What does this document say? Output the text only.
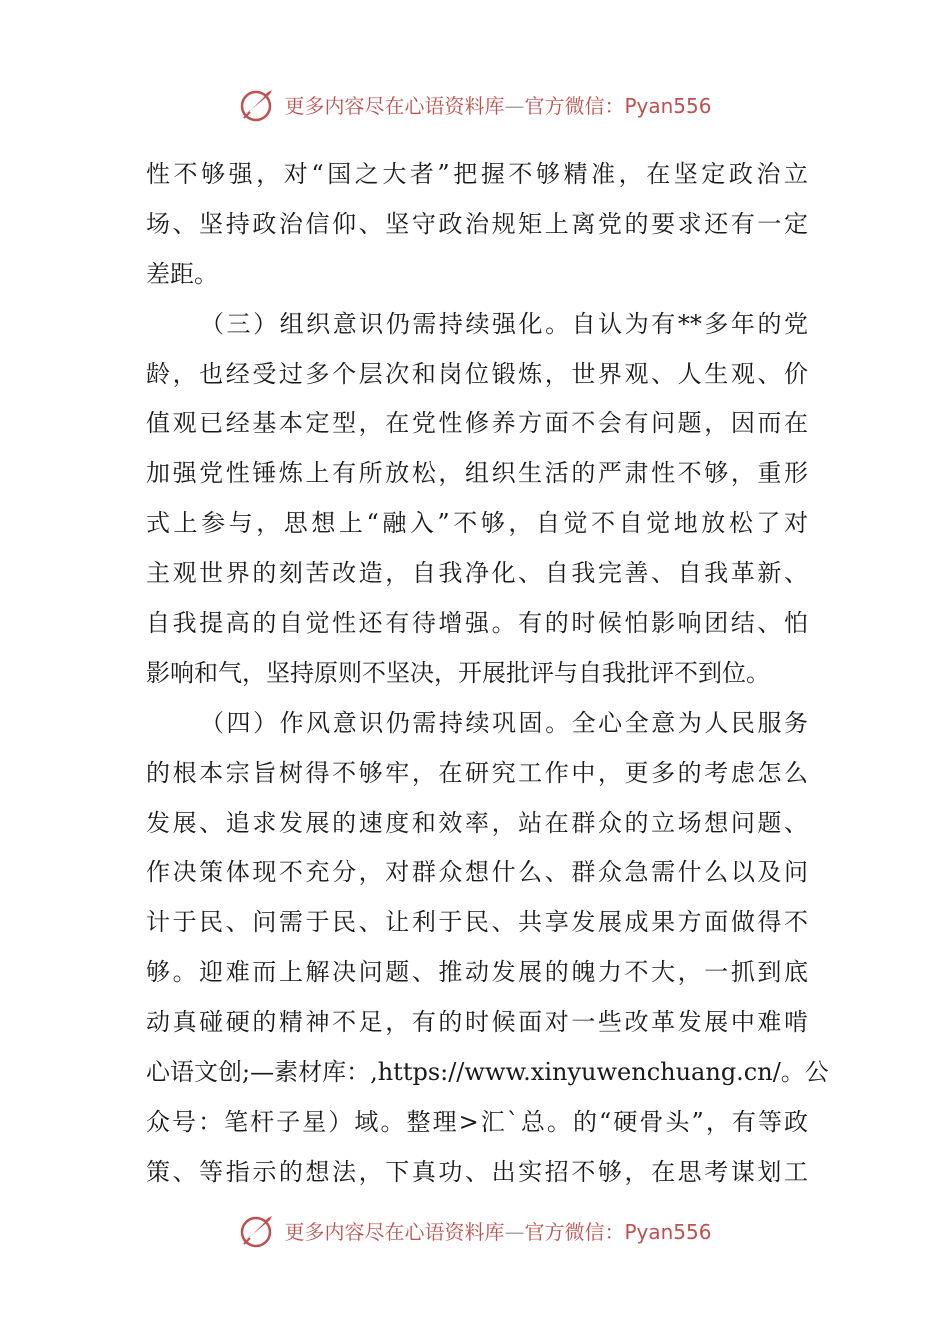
更多内容尽在心语资料库—官方微信：Pyan556
性不够强，对“国之大者”把握不够精准，在坚定政治立
场、坚持政治信仰、坚守政治规矩上离党的要求还有一定
差距。
（三）组织意识仍需持续强化。自认为有**多年的党
龄，也经受过多个层次和岗位锻炼，世界观、人生观、价
值观已经基本定型，在党性修养方面不会有问题，因而在
加强党性锤炼上有所放松，组织生活的严肃性不够，重形
式上参与，思想上“融入”不够，自觉不自觉地放松了对
主观世界的刻苦改造，自我净化、自我完善、自我革新、
自我提高的自觉性还有待增强。有的时候怕影响团结、怕
影响和气，坚持原则不坚决，开展批评与自我批评不到位。
（四）作风意识仍需持续巩固。全心全意为人民服务
的根本宗旨树得不够牢，在研究工作中，更多的考虑怎么
发展、追求发展的速度和效率，站在群众的立场想问题、
作决策体现不充分，对群众想什么、群众急需什么以及问
计于民、问需于民、让利于民、共享发展成果方面做得不
够。迎难而上解决问题、推动发展的魄力不大，一抓到底
动真碰硬的精神不足，有的时候面对一些改革发展中难啃
心语文创;—素材库：,https://www.xinyuwenchuang.cn/。公
众号：笔杆子星）域。整理>汇`总。的“硬骨头”，有等政
策、等指示的想法，下真功、出实招不够，在思考谋划工
更多内容尽在心语资料库—官方微信：Pyan556
